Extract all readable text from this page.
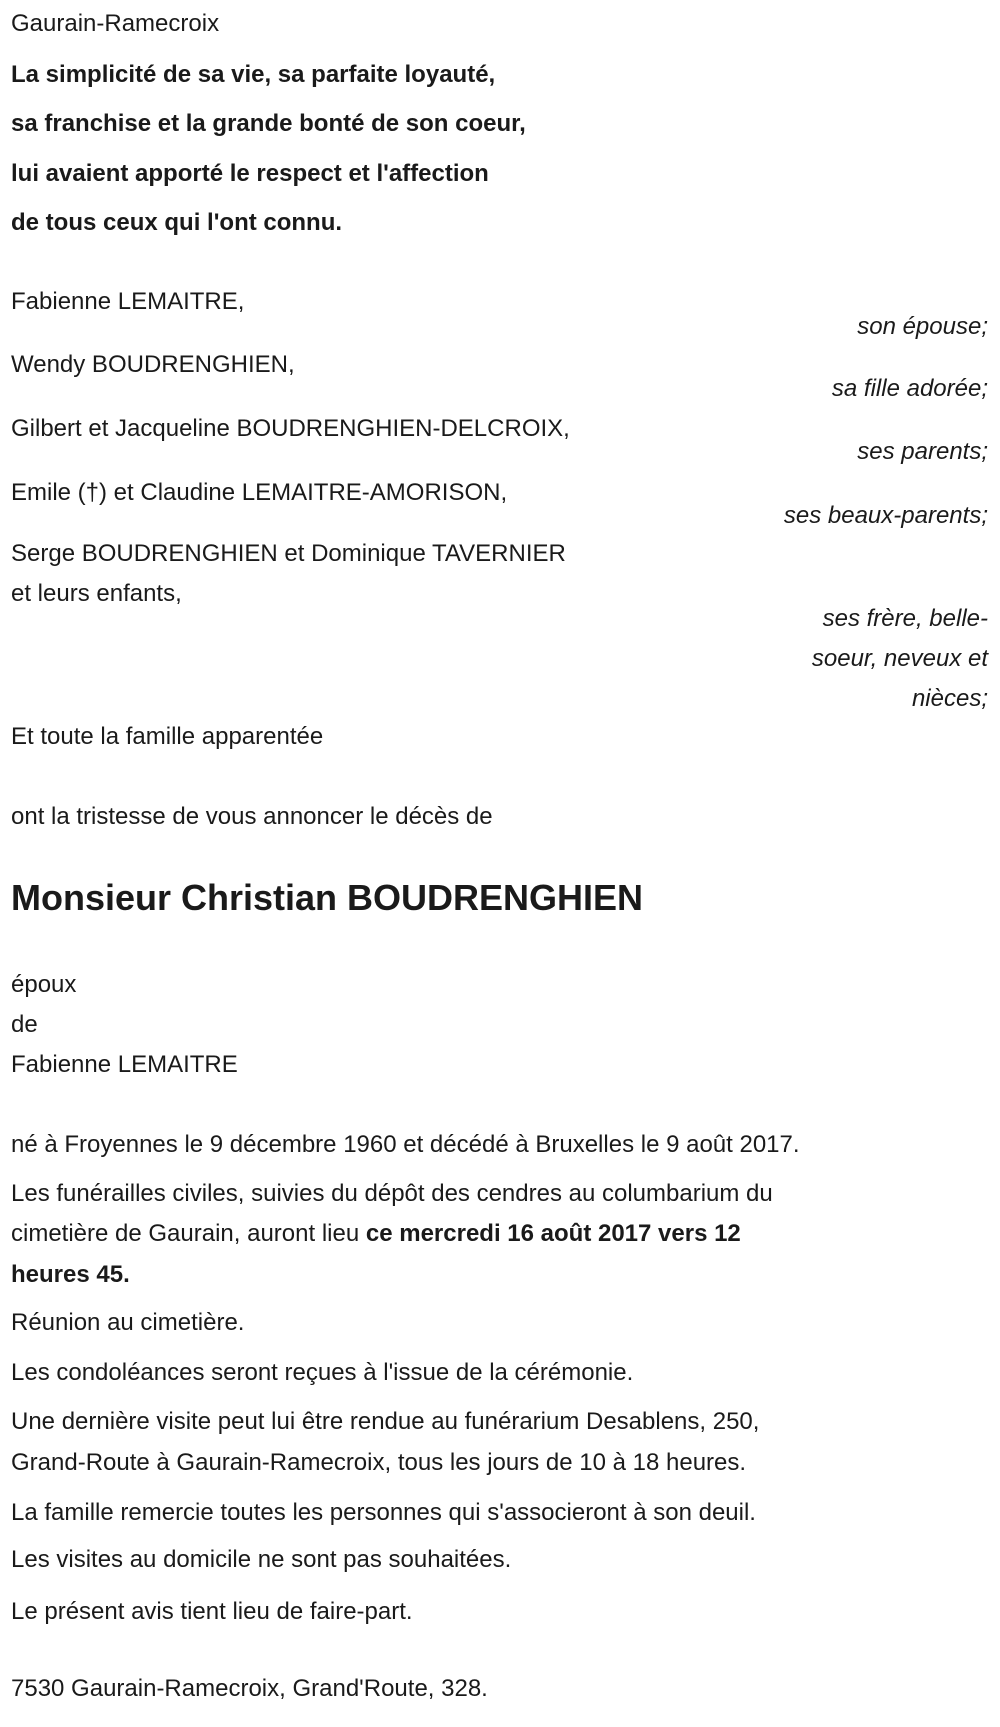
Gaurain-Ramecroix
La simplicité de sa vie, sa parfaite loyauté,
sa franchise et la grande bonté de son coeur,
lui avaient apporté le respect et l'affection
de tous ceux qui l'ont connu.
Fabienne LEMAITRE,
son épouse;
Wendy BOUDRENGHIEN,
sa fille adorée;
Gilbert et Jacqueline BOUDRENGHIEN-DELCROIX,
ses parents;
Emile (†) et Claudine LEMAITRE-AMORISON,
ses beaux-parents;
Serge BOUDRENGHIEN et Dominique TAVERNIER
et leurs enfants,
ses frère, belle-
soeur, neveux et
nièces;
Et toute la famille apparentée
ont la tristesse de vous annoncer le décès de
Monsieur Christian BOUDRENGHIEN
époux
de
Fabienne LEMAITRE
né à Froyennes le 9 décembre 1960 et décédé à Bruxelles le 9 août 2017.
Les funérailles civiles, suivies du dépôt des cendres au columbarium du
cimetière de Gaurain, auront lieu ce mercredi 16 août 2017 vers 12
heures 45.
Réunion au cimetière.
Les condoléances seront reçues à l'issue de la cérémonie.
Une dernière visite peut lui être rendue au funérarium Desablens, 250,
Grand-Route à Gaurain-Ramecroix, tous les jours de 10 à 18 heures.
La famille remercie toutes les personnes qui s'associeront à son deuil.
Les visites au domicile ne sont pas souhaitées.
Le présent avis tient lieu de faire-part.
7530 Gaurain-Ramecroix, Grand'Route, 328.
